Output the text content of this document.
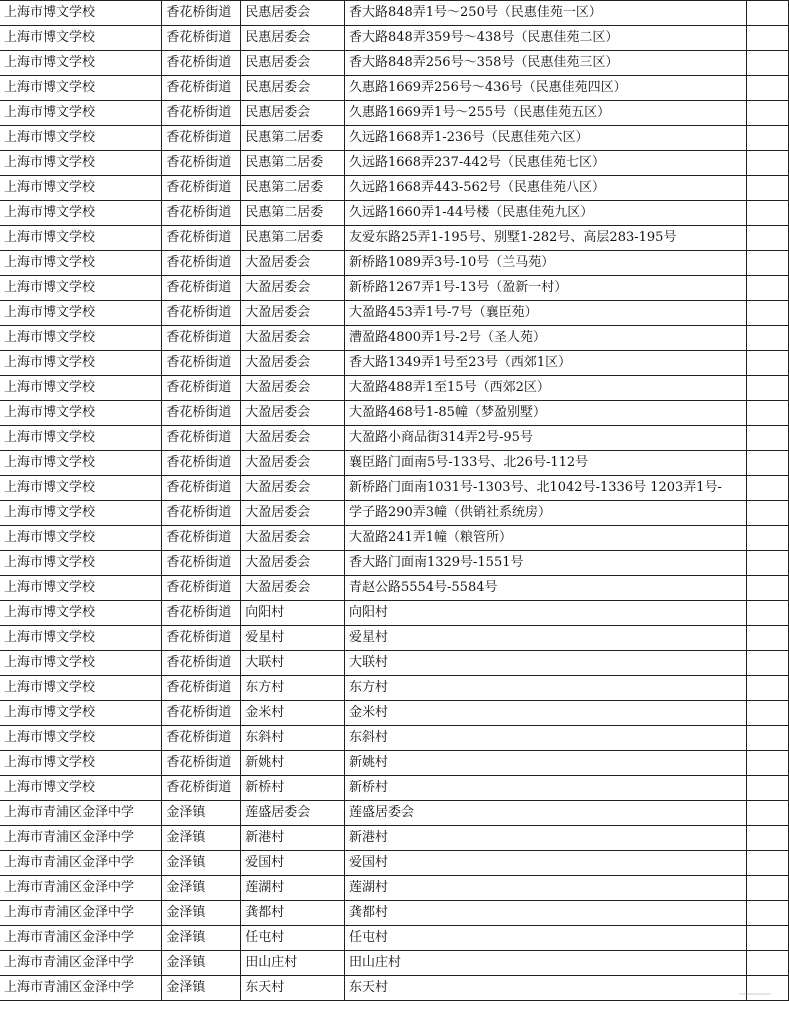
上海市博文学校	香花桥街道	民惠居委会	香大路848弄1号～250号（民惠佳苑一区）	
上海市博文学校	香花桥街道	民惠居委会	香大路848弄359号～438号（民惠佳苑二区）	
上海市博文学校	香花桥街道	民惠居委会	香大路848弄256号～358号（民惠佳苑三区）	
上海市博文学校	香花桥街道	民惠居委会	久惠路1669弄256号～436号（民惠佳苑四区）	
上海市博文学校	香花桥街道	民惠居委会	久惠路1669弄1号～255号（民惠佳苑五区）	
上海市博文学校	香花桥街道	民惠第二居委	久远路1668弄1-236号（民惠佳苑六区）	
上海市博文学校	香花桥街道	民惠第二居委	久远路1668弄237-442号（民惠佳苑七区）	
上海市博文学校	香花桥街道	民惠第二居委	久远路1668弄443-562号（民惠佳苑八区）	
上海市博文学校	香花桥街道	民惠第二居委	久远路1660弄1-44号楼（民惠佳苑九区）	
上海市博文学校	香花桥街道	民惠第二居委	友爱东路25弄1-195号、别墅1-282号、高层283-195号	
上海市博文学校	香花桥街道	大盈居委会	新桥路1089弄3号-10号（兰马苑）	
上海市博文学校	香花桥街道	大盈居委会	新桥路1267弄1号-13号（盈新一村）	
上海市博文学校	香花桥街道	大盈居委会	大盈路453弄1号-7号（襄臣苑）	
上海市博文学校	香花桥街道	大盈居委会	漕盈路4800弄1号-2号（圣人苑）	
上海市博文学校	香花桥街道	大盈居委会	香大路1349弄1号至23号（西郊1区）	
上海市博文学校	香花桥街道	大盈居委会	大盈路488弄1至15号（西郊2区）	
上海市博文学校	香花桥街道	大盈居委会	大盈路468号1-85幢（梦盈别墅）	
上海市博文学校	香花桥街道	大盈居委会	大盈路小商品街314弄2号-95号	
上海市博文学校	香花桥街道	大盈居委会	襄臣路门面南5号-133号、北26号-112号	
上海市博文学校	香花桥街道	大盈居委会	新桥路门面南1031号-1303号、北1042号-1336号 1203弄1号-	
上海市博文学校	香花桥街道	大盈居委会	学子路290弄3幢（供销社系统房）	
上海市博文学校	香花桥街道	大盈居委会	大盈路241弄1幢（粮管所）	
上海市博文学校	香花桥街道	大盈居委会	香大路门面南1329号-1551号	
上海市博文学校	香花桥街道	大盈居委会	青赵公路5554号-5584号	
上海市博文学校	香花桥街道	向阳村	向阳村	
上海市博文学校	香花桥街道	爱星村	爱星村	
上海市博文学校	香花桥街道	大联村	大联村	
上海市博文学校	香花桥街道	东方村	东方村	
上海市博文学校	香花桥街道	金米村	金米村	
上海市博文学校	香花桥街道	东斜村	东斜村	
上海市博文学校	香花桥街道	新姚村	新姚村	
上海市博文学校	香花桥街道	新桥村	新桥村	
上海市青浦区金泽中学	金泽镇	莲盛居委会	莲盛居委会	
上海市青浦区金泽中学	金泽镇	新港村	新港村	
上海市青浦区金泽中学	金泽镇	爱国村	爱国村	
上海市青浦区金泽中学	金泽镇	莲湖村	莲湖村	
上海市青浦区金泽中学	金泽镇	龚都村	龚都村	
上海市青浦区金泽中学	金泽镇	任屯村	任屯村	
上海市青浦区金泽中学	金泽镇	田山庄村	田山庄村	
上海市青浦区金泽中学	金泽镇	东天村	东天村	
